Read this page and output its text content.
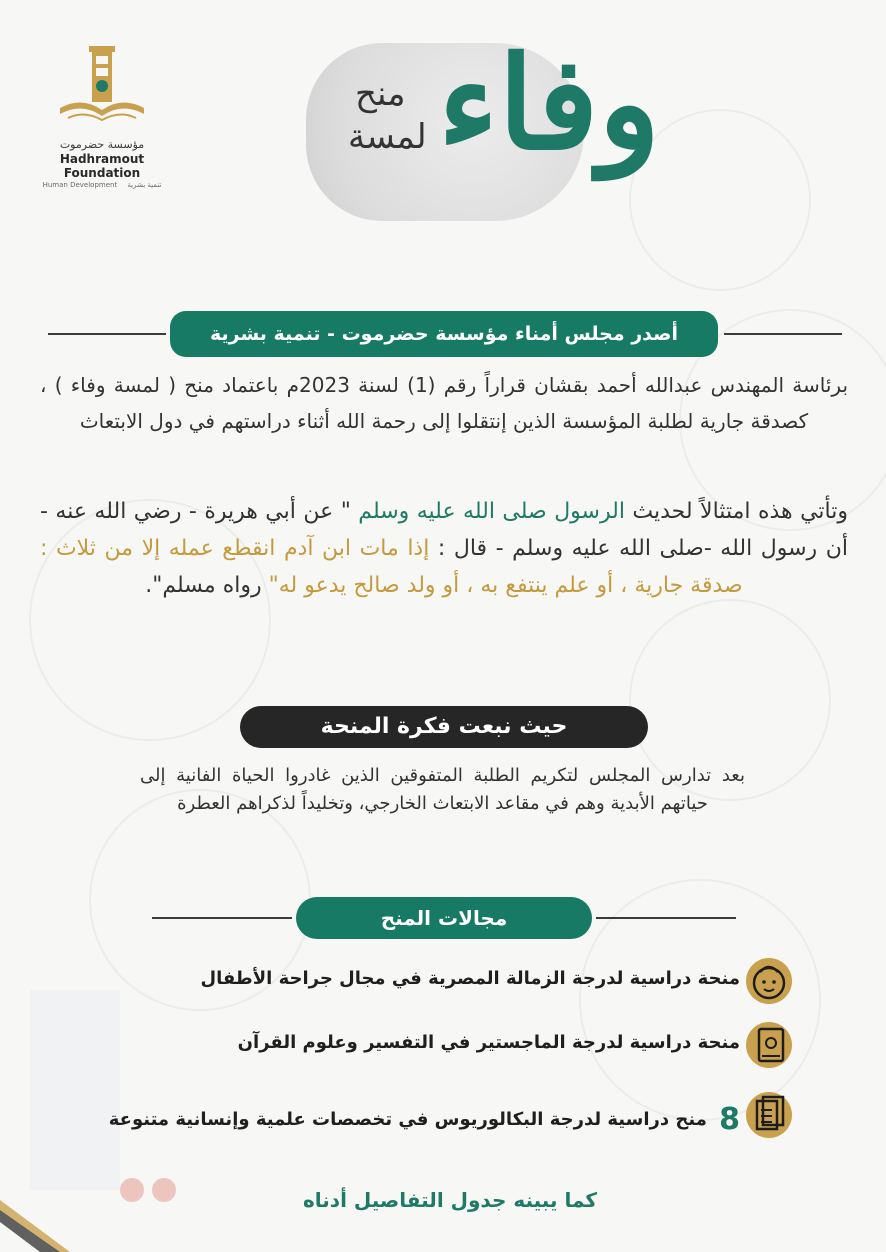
مؤسسة حضرموت
Hadhramout Foundation
Human Development تنمية بشرية
وفاء
منح
لمسة
أصدر مجلس أمناء مؤسسة حضرموت - تنمية بشرية
برئاسة المهندس عبدالله أحمد بقشان قراراً رقم (1) لسنة 2023م باعتماد منح ( لمسة وفاء ) ، كصدقة جارية لطلبة المؤسسة الذين إنتقلوا إلى رحمة الله أثناء دراستهم في دول الابتعاث
وتأتي هذه امتثالاً لحديث الرسول صلى الله عليه وسلم " عن أبي هريرة - رضي الله عنه - أن رسول الله -صلى الله عليه وسلم - قال : إذا مات ابن آدم انقطع عمله إلا من ثلاث : صدقة جارية ، أو علم ينتفع به ، أو ولد صالح يدعو له" رواه مسلم".
حيث نبعت فكرة المنحة
بعد تدارس المجلس لتكريم الطلبة المتفوقين الذين غادروا الحياة الفانية إلى حياتهم الأبدية وهم في مقاعد الابتعاث الخارجي، وتخليداً لذكراهم العطرة
مجالات المنح
منحة دراسية لدرجة الزمالة المصرية في مجال جراحة الأطفال
منحة دراسية لدرجة الماجستير في التفسير وعلوم القرآن
8 منح دراسية لدرجة البكالوريوس في تخصصات علمية وإنسانية متنوعة
كما يبينه جدول التفاصيل أدناه
